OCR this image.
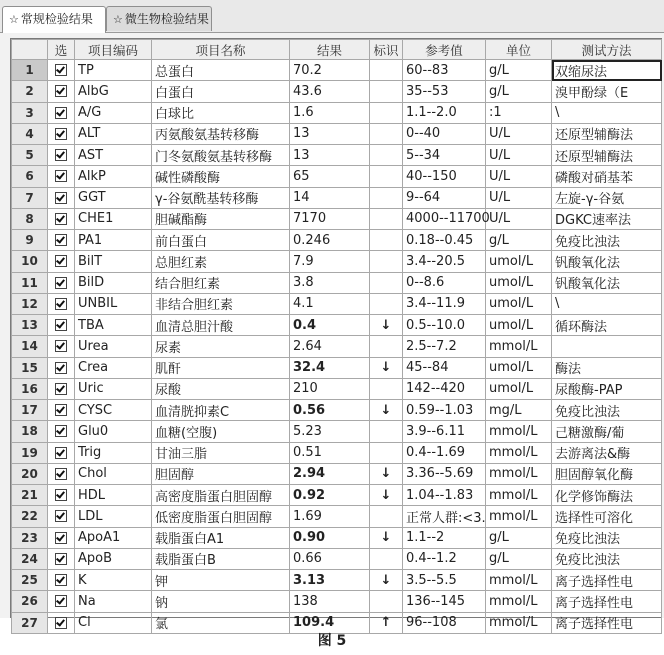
☆ 常规检验结果	☆ 微生物检验结果
	选	项目编码	项目名称	结果	标识	参考值	单位	测试方法
1		TP	总蛋白	70.2		60--83	g/L	双缩尿法
2		AlbG	白蛋白	43.6		35--53	g/L	溴甲酚绿（E
3		A/G	白球比	1.6		1.1--2.0	:1	\
4		ALT	丙氨酸氨基转移酶	13		0--40	U/L	还原型辅酶法
5		AST	门冬氨酸氨基转移酶	13		5--34	U/L	还原型辅酶法
6		AlkP	碱性磷酸酶	65		40--150	U/L	磷酸对硝基苯
7		GGT	γ-谷氨酰基转移酶	14		9--64	U/L	左旋-γ-谷氨
8		CHE1	胆碱酯酶	7170		4000--11700	U/L	DGKC速率法
9		PA1	前白蛋白	0.246		0.18--0.45	g/L	免疫比浊法
10		BilT	总胆红素	7.9		3.4--20.5	umol/L	钒酸氧化法
11		BilD	结合胆红素	3.8		0--8.6	umol/L	钒酸氧化法
12		UNBIL	非结合胆红素	4.1		3.4--11.9	umol/L	\
13		TBA	血清总胆汁酸	0.4	↓	0.5--10.0	umol/L	循环酶法
14		Urea	尿素	2.64		2.5--7.2	mmol/L	
15		Crea	肌酐	32.4	↓	45--84	umol/L	酶法
16		Uric	尿酸	210		142--420	umol/L	尿酸酶-PAP
17		CYSC	血清胱抑素C	0.56	↓	0.59--1.03	mg/L	免疫比浊法
18		Glu0	血糖(空腹)	5.23		3.9--6.11	mmol/L	己糖激酶/葡
19		Trig	甘油三脂	0.51		0.4--1.69	mmol/L	去游离法&酶
20		Chol	胆固醇	2.94	↓	3.36--5.69	mmol/L	胆固醇氧化酶
21		HDL	高密度脂蛋白胆固醇	0.92	↓	1.04--1.83	mmol/L	化学修饰酶法
22		LDL	低密度脂蛋白胆固醇	1.69		正常人群:<3.	mmol/L	选择性可溶化
23		ApoA1	载脂蛋白A1	0.90	↓	1.1--2	g/L	免疫比浊法
24		ApoB	载脂蛋白B	0.66		0.4--1.2	g/L	免疫比浊法
25		K	钾	3.13	↓	3.5--5.5	mmol/L	离子选择性电
26		Na	钠	138		136--145	mmol/L	离子选择性电
27		Cl	氯	109.4	↑	96--108	mmol/L	离子选择性电
图 5
